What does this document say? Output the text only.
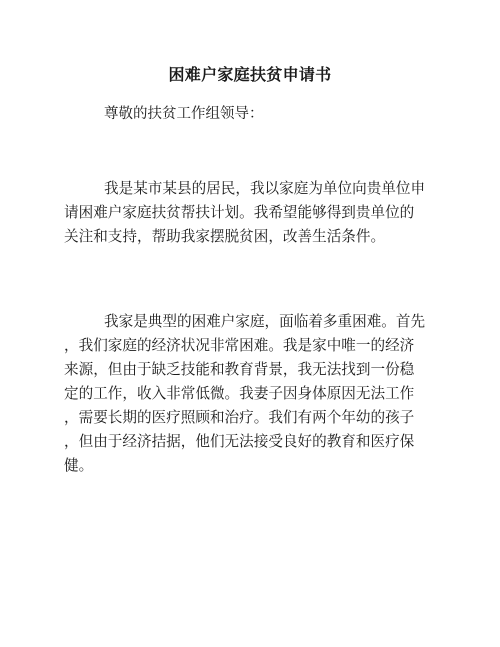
困难户家庭扶贫申请书
尊敬的扶贫工作组领导：
我是某市某县的居民，我以家庭为单位向贵单位申
请困难户家庭扶贫帮扶计划。我希望能够得到贵单位的
关注和支持，帮助我家摆脱贫困，改善生活条件。
我家是典型的困难户家庭，面临着多重困难。首先
，我们家庭的经济状况非常困难。我是家中唯一的经济
来源，但由于缺乏技能和教育背景，我无法找到一份稳
定的工作，收入非常低微。我妻子因身体原因无法工作
，需要长期的医疗照顾和治疗。我们有两个年幼的孩子
，但由于经济拮据，他们无法接受良好的教育和医疗保
健。
